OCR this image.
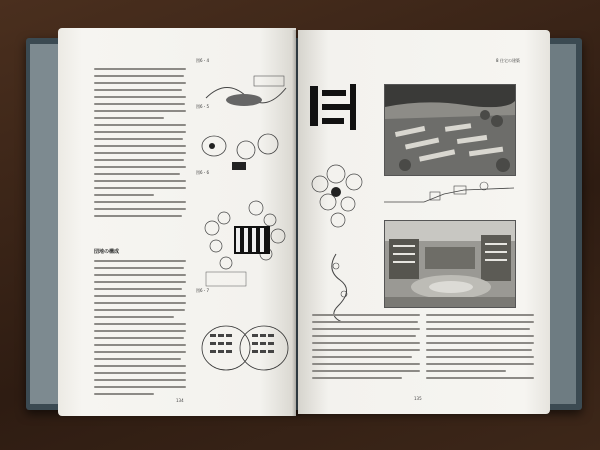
団地の構成
図6・4
図6・5
図6・6
図6・7
134
8 住宅の建築
135
